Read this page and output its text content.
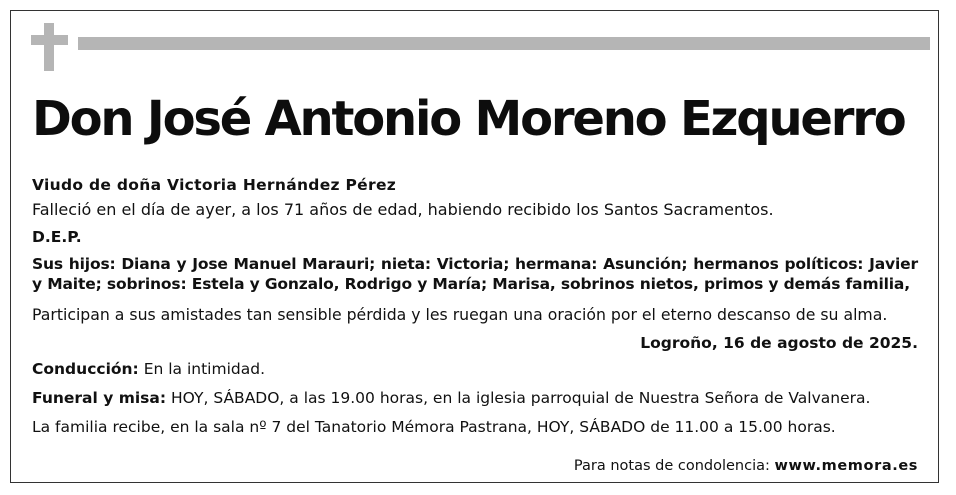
Don José Antonio Moreno Ezquerro
Viudo de doña Victoria Hernández Pérez
Falleció en el día de ayer, a los 71 años de edad, habiendo recibido los Santos Sacramentos.
D.E.P.
Sus hijos: Diana y Jose Manuel Marauri; nieta: Victoria; hermana: Asunción; hermanos políticos: Javier y Maite; sobrinos: Estela y Gonzalo, Rodrigo y María; Marisa, sobrinos nietos, primos y demás familia,
Participan a sus amistades tan sensible pérdida y les ruegan una oración por el eterno descanso de su alma.
Logroño, 16 de agosto de 2025.
Conducción: En la intimidad.
Funeral y misa: HOY, SÁBADO, a las 19.00 horas, en la iglesia parroquial de Nuestra Señora de Valvanera.
La familia recibe, en la sala nº 7 del Tanatorio Mémora Pastrana, HOY, SÁBADO de 11.00 a 15.00 horas.
Para notas de condolencia: www.memora.es
